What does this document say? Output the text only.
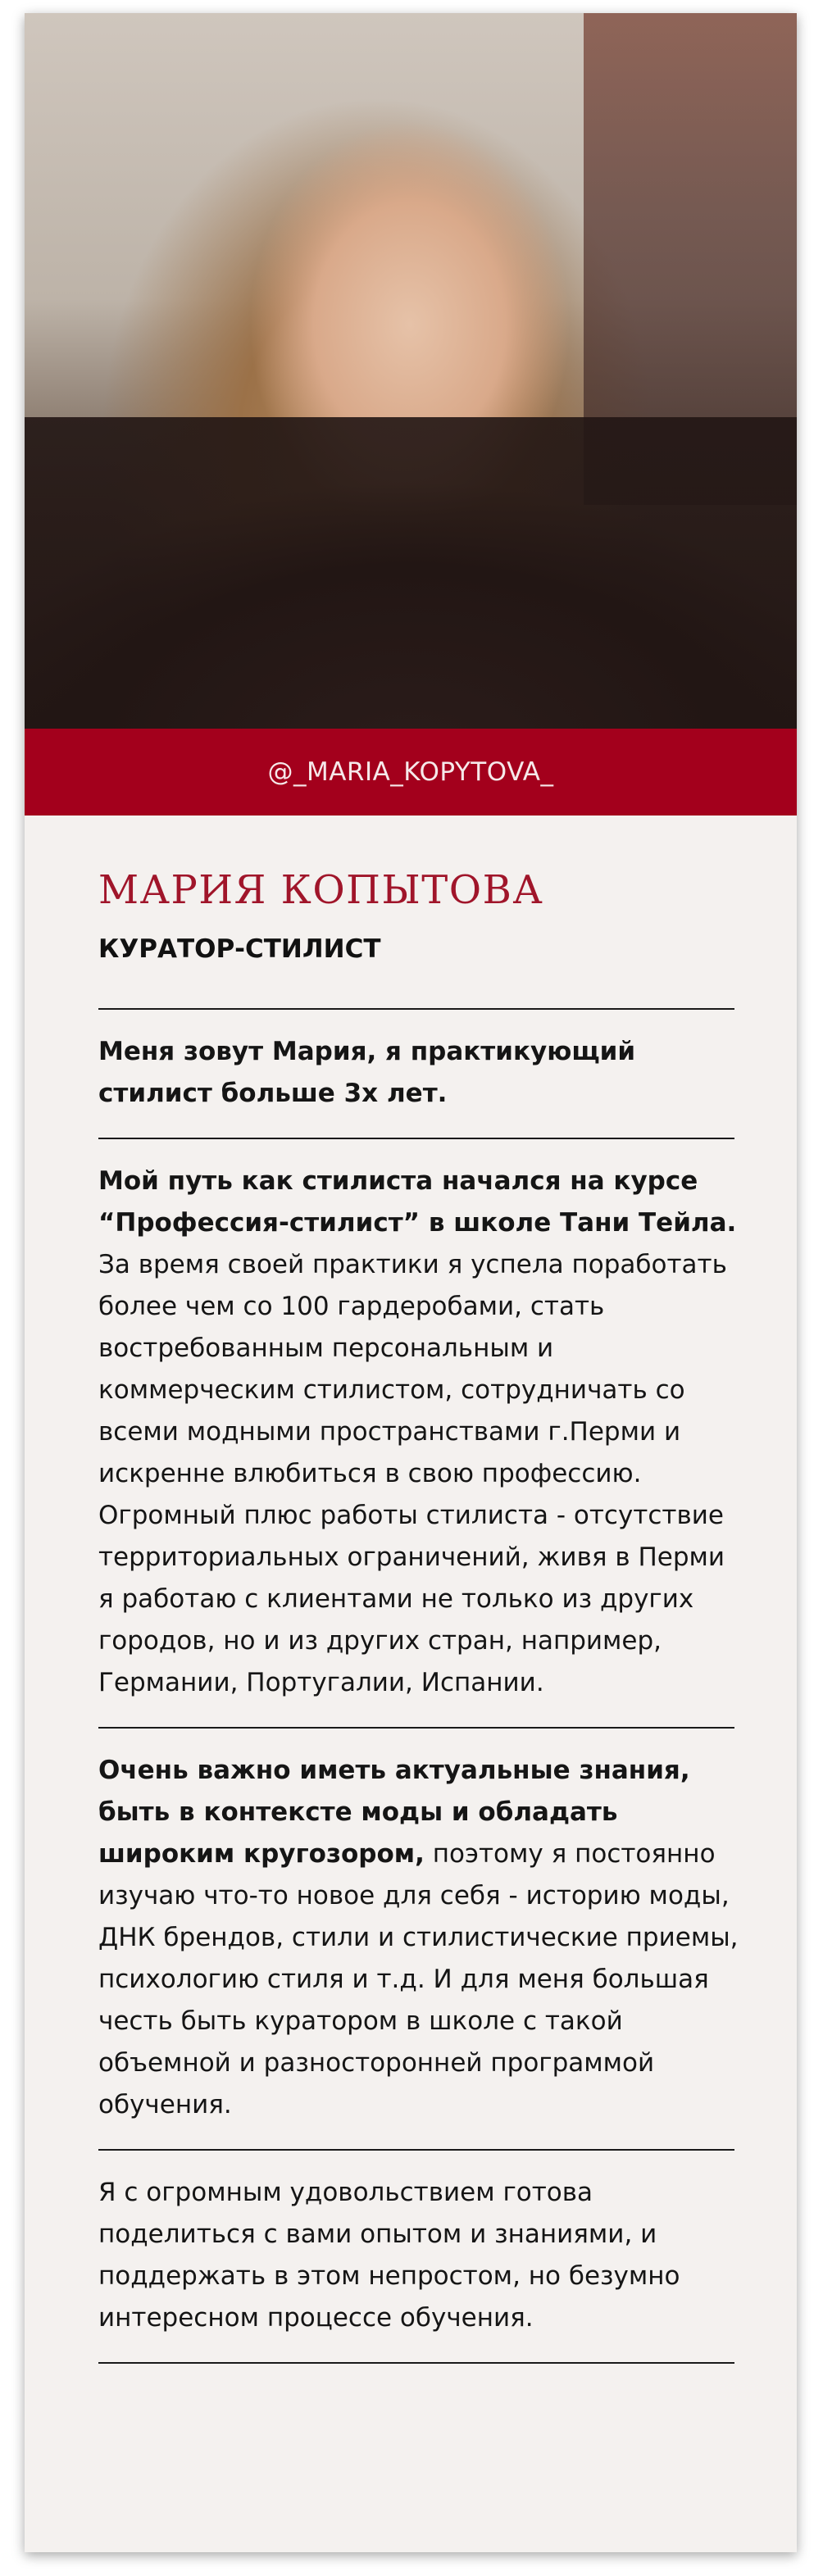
@_MARIA_KOPYTOVA_
МАРИЯ КОПЫТОВА
КУРАТОР-СТИЛИСТ

Меня зовут Мария, я практикующий стилист больше 3х лет.

Мой путь как стилиста начался на курсе “Профессия-стилист” в школе Тани Тейла. За время своей практики я успела поработать более чем со 100 гардеробами, стать востребованным персональным и коммерческим стилистом, сотрудничать со всеми модными пространствами г.Перми и искренне влюбиться в свою профессию. Огромный плюс работы стилиста - отсутствие территориальных ограничений, живя в Перми я работаю с клиентами не только из других городов, но и из других стран, например, Германии, Португалии, Испании.

Очень важно иметь актуальные знания, быть в контексте моды и обладать широким кругозором, поэтому я постоянно изучаю что-то новое для себя - историю моды, ДНК брендов, стили и стилистические приемы, психологию стиля и т.д. И для меня большая честь быть куратором в школе с такой объемной и разносторонней программой обучения.

Я с огромным удовольствием готова поделиться с вами опытом и знаниями, и поддержать в этом непростом, но безумно интересном процессе обучения.
